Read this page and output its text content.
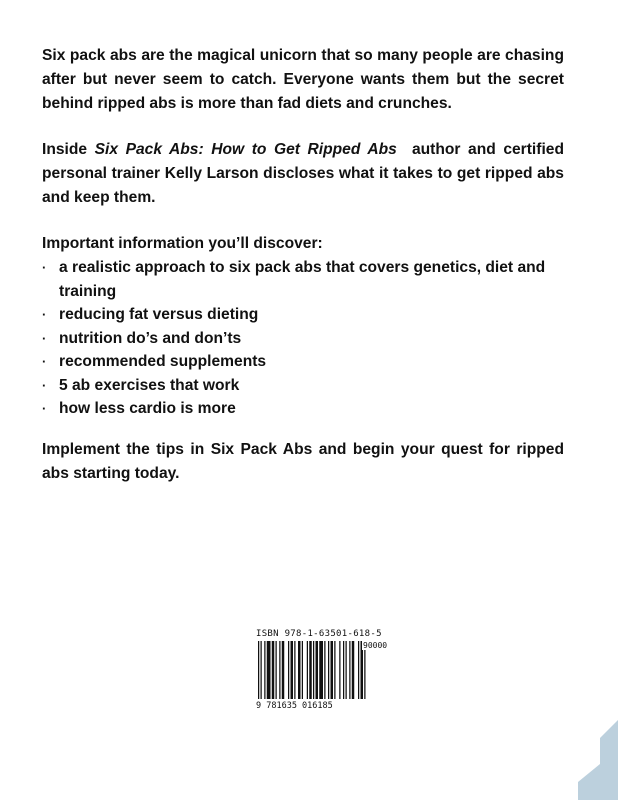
Six pack abs are the magical unicorn that so many people are chasing after but never seem to catch. Everyone wants them but the secret behind ripped abs is more than fad diets and crunches.

Inside Six Pack Abs: How to Get Ripped Abs  author and certified personal trainer Kelly Larson discloses what it takes to get ripped abs and keep them.

Important information you’ll discover:

· a realistic approach to six pack abs that covers genetics, diet and training
· reducing fat versus dieting
· nutrition do’s and don’ts
· recommended supplements
· 5 ab exercises that work
· how less cardio is more

Implement the tips in Six Pack Abs and begin your quest for ripped abs starting today.

ISBN 978-1-63501-618-5
90000
9 781635 016185
